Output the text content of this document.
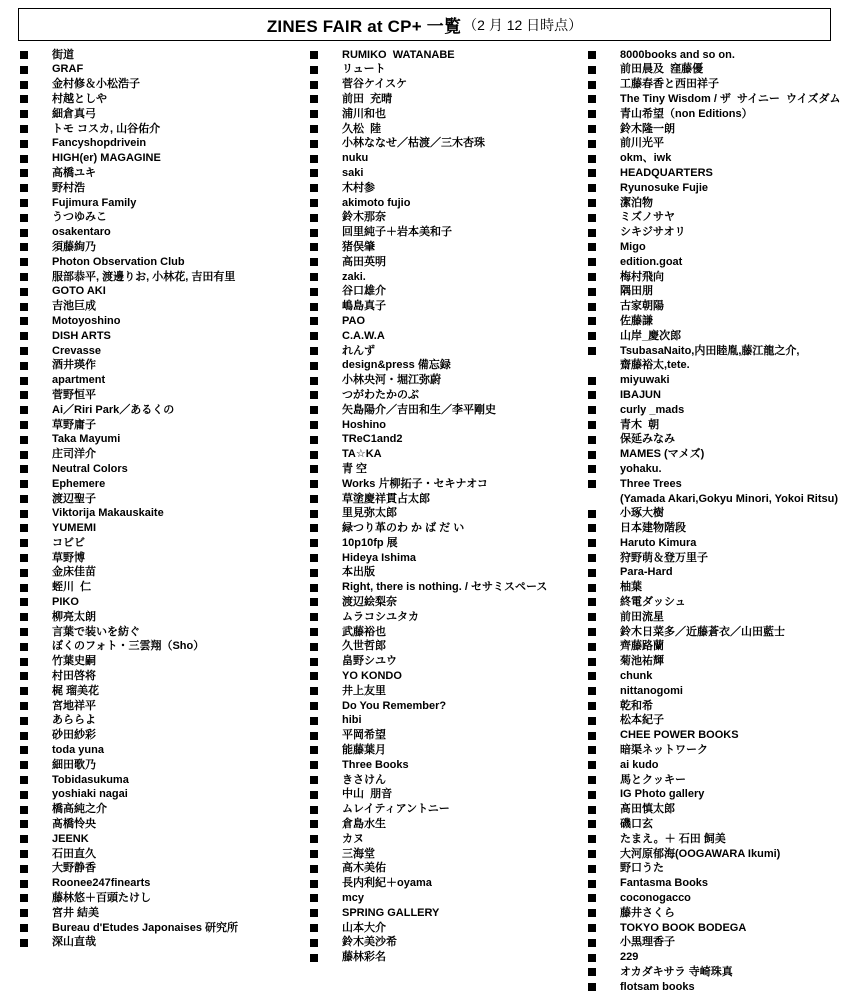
ZINES FAIR at CP+ 一覧 （2 月 12 日時点）
街道
GRAF
金村修＆小松浩子
村越としや
細倉真弓
トモ コスカ, 山谷佑介
Fancyshopdrivein
HIGH(er) MAGAGINE
高橋ユキ
野村浩
Fujimura Family
うつゆみこ
osakentaro
須藤絢乃
Photon Observation Club
服部恭平, 渡邊りお, 小林花, 吉田有里
GOTO AKI
吉池巨成
Motoyoshino
DISH ARTS
Crevasse
酒井瑛作
apartment
菅野恒平
Ai／Riri Park／あるくの
草野庸子
Taka Mayumi
庄司洋介
Neutral Colors
Ephemere
渡辺聖子
Viktorija Makauskaite
YUMEMI
コビビ
草野博
金床佳苗
蛭川  仁
PIKO
柳亮太朗
言葉で装いを紡ぐ
ぼくのフォト・三雲翔（Sho）
竹葉史嗣
村田啓将
梶 瑠美花
宮地祥平
あららよ
砂田紗彩
toda yuna
細田歌乃
Tobidasukuma
yoshiaki nagai
橋高純之介
髙橋怜央
JEENK
石田直久
大野静香
Roonee247finearts
藤林悠＋百頭たけし
宮井 結美
Bureau d'Etudes Japonaises 研究所
深山直哉
RUMIKO  WATANABE
リュート
菅谷ケイスケ
前田  充晴
浦川和也
久松  陸
小林ななせ／枯渡／三木杏珠
nuku
saki
木村参
akimoto fujio
鈴木那奈
回里純子＋岩本美和子
猪俣肇
高田英明
zaki.
谷口雄介
嶋島真子
PAO
C.A.W.A
れんず
design&press 備忘録
小林央河・堀江弥蔚
つがわたかのぶ
矢島陽介／吉田和生／李平剛史
Hoshino
TReC1and2
TA☆KA
青 空
Works 片柳拓子・セキナオコ
草塗慶祥貫占太郎
里見弥太郎
緑つり革のわ か ば だ い
10p10fp 展
Hideya Ishima
本出版
Right, there is nothing. / セサミスペース
渡辺絵梨奈
ムラコシユタカ
武藤裕也
久世哲郎
畠野シユウ
YO KONDO
井上友里
Do You Remember?
hibi
平岡希望
能藤葉月
Three Books
きさけん
中山  朋音
ムレイティアントニー
倉島水生
カヌ
三海堂
高木美佑
長内利紀＋oyama
mcy
SPRING GALLERY
山本大介
鈴木美沙希
藤林彩名
8000books and so on.
前田晨及  窪藤優
工藤春香と西田祥子
The Tiny Wisdom / ザ  サイニー  ウイズダム
青山希望（non Editions）
鈴木隆一朗
前川光平
okm、iwk
HEADQUARTERS
Ryunosuke Fujie
潔泊物
ミズノサヤ
シキジサオリ
Migo
edition.goat
梅村飛向
隅田朋
古家朝陽
佐藤謙
山岸_慶次郎
TsubasaNaito,内田睦胤,藤江龍之介,
齋藤裕太,tete.
miyuwaki
IBAJUN
curly _mads
青木  朝
保延みなみ
MAMES (マメズ)
yohaku.
Three Trees
(Yamada Akari,Gokyu Minori, Yokoi Ritsu)
小琢大樹
日本建物階段
Haruto Kimura
狩野萌＆登万里子
Para-Hard
柚葉
終電ダッシュ
前田流星
鈴木日菜多／近藤蒼衣／山田藍士
齊藤路蘭
菊池祐輝
chunk
nittanogomi
乾和希
松本紀子
CHEE POWER BOOKS
暗渠ネットワーク
ai kudo
馬とクッキー
IG Photo gallery
髙田慎太郎
磯口玄
たまえ。＋ 石田 飼美
大河原郁海(OOGAWARA Ikumi)
野口うた
Fantasma Books
coconogacco
藤井さくら
TOKYO BOOK BODEGA
小黒理香子
229
オカダキサラ 寺崎珠真
flotsam books
